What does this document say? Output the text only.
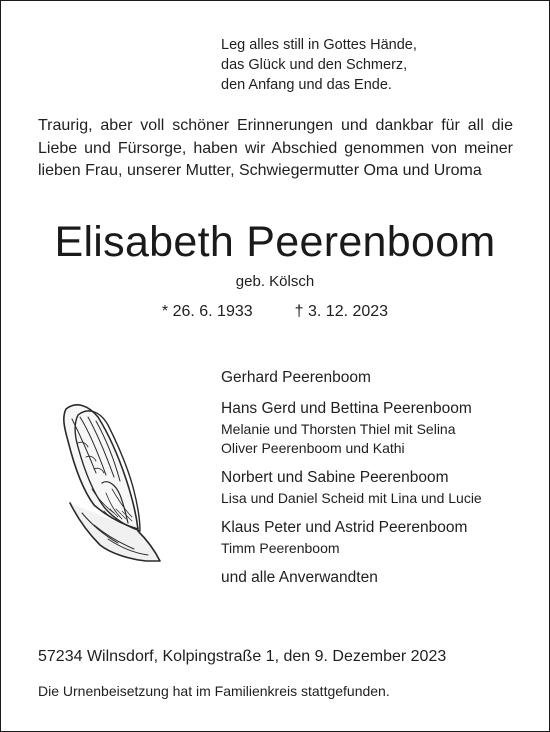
Leg alles still in Gottes Hände,
das Glück und den Schmerz,
den Anfang und das Ende.
Traurig, aber voll schöner Erinnerungen und dankbar für all die Liebe und Fürsorge, haben wir Abschied genommen von meiner lieben Frau, unserer Mutter, Schwiegermutter Oma und Uroma
Elisabeth Peerenboom
geb. Kölsch
* 26. 6. 1933	† 3. 12. 2023
Gerhard Peerenboom
Hans Gerd und Bettina Peerenboom
Melanie und Thorsten Thiel mit Selina
Oliver Peerenboom und Kathi
Norbert und Sabine Peerenboom
Lisa und Daniel Scheid mit Lina und Lucie
Klaus Peter und Astrid Peerenboom
Timm Peerenboom
und alle Anverwandten
57234 Wilnsdorf, Kolpingstraße 1, den 9. Dezember 2023
Die Urnenbeisetzung hat im Familienkreis stattgefunden.
